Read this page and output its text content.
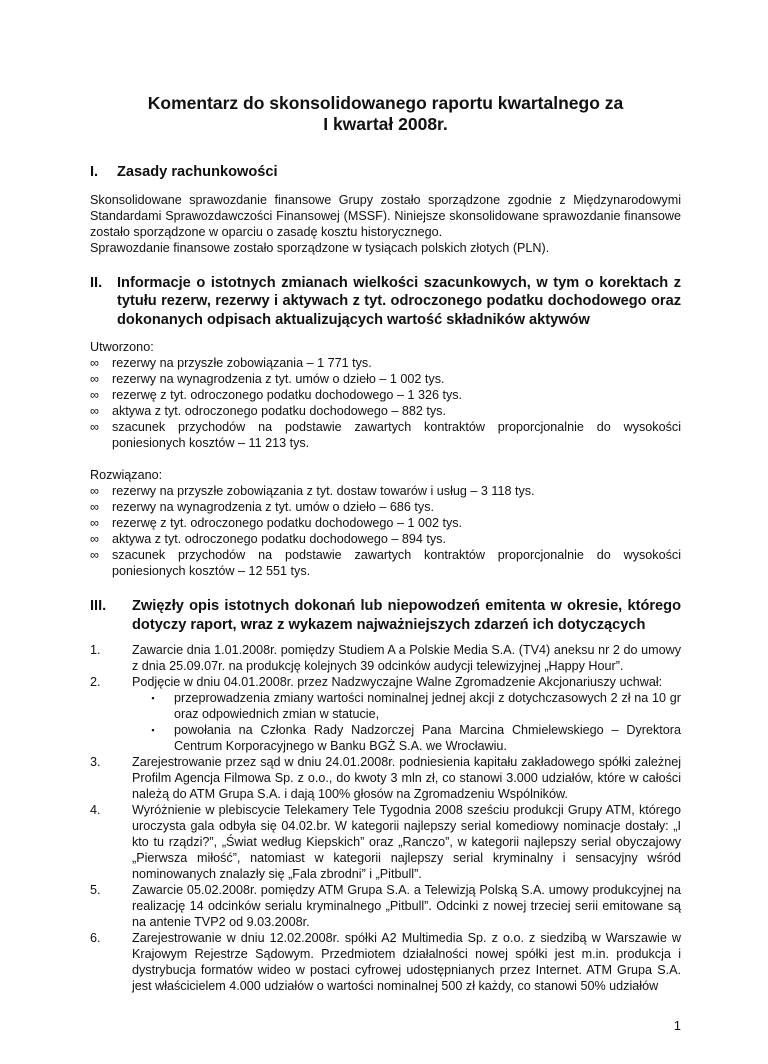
Komentarz do skonsolidowanego raportu kwartalnego za
I kwartał 2008r.
I.	Zasady rachunkowości

Skonsolidowane sprawozdanie finansowe Grupy zostało sporządzone zgodnie z Międzynarodowymi Standardami Sprawozdawczości Finansowej (MSSF). Niniejsze skonsolidowane sprawozdanie finansowe zostało sporządzone w oparciu o zasadę kosztu historycznego.

Sprawozdanie finansowe zostało sporządzone w tysiącach polskich złotych (PLN).

II.	Informacje o istotnych zmianach wielkości szacunkowych, w tym o korektach z tytułu rezerw, rezerwy i aktywach z tyt. odroczonego podatku dochodowego oraz dokonanych odpisach aktualizujących wartość składników aktywów

Utworzono:

∞	rezerwy na przyszłe zobowiązania – 1 771 tys.
∞	rezerwy na wynagrodzenia z tyt. umów o dzieło – 1 002 tys.
∞	rezerwę z tyt. odroczonego podatku dochodowego – 1 326 tys.
∞	aktywa z tyt. odroczonego podatku dochodowego – 882 tys.
∞	szacunek przychodów na podstawie zawartych kontraktów proporcjonalnie do wysokości poniesionych kosztów – 11 213 tys.

Rozwiązano:

∞	rezerwy na przyszłe zobowiązania z tyt. dostaw towarów i usług – 3 118 tys.
∞	rezerwy na wynagrodzenia z tyt. umów o dzieło – 686 tys.
∞	rezerwę z tyt. odroczonego podatku dochodowego – 1 002 tys.
∞	aktywa z tyt. odroczonego podatku dochodowego – 894 tys.
∞	szacunek przychodów na podstawie zawartych kontraktów proporcjonalnie do wysokości poniesionych kosztów – 12 551 tys.
III.	Zwięzły opis istotnych dokonań lub niepowodzeń emitenta w okresie, którego dotyczy raport, wraz z wykazem najważniejszych zdarzeń ich dotyczących
1.	Zawarcie dnia 1.01.2008r. pomiędzy Studiem A a Polskie Media S.A. (TV4) aneksu nr 2 do umowy z dnia 25.09.07r. na produkcję kolejnych 39 odcinków audycji telewizyjnej „Happy Hour”.
2.	Podjęcie w dniu 04.01.2008r. przez Nadzwyczajne Walne Zgromadzenie Akcjonariuszy uchwał:
▪	przeprowadzenia zmiany wartości nominalnej jednej akcji z dotychczasowych 2 zł na 10 gr oraz odpowiednich zmian w statucie,
▪	powołania na Członka Rady Nadzorczej Pana Marcina Chmielewskiego – Dyrektora Centrum Korporacyjnego w Banku BGŻ S.A. we Wrocławiu.
3.	Zarejestrowanie przez sąd w dniu 24.01.2008r. podniesienia kapitału zakładowego spółki zależnej Profilm Agencja Filmowa Sp. z o.o., do kwoty 3 mln zł, co stanowi 3.000 udziałów, które w całości należą do ATM Grupa S.A. i dają 100% głosów na Zgromadzeniu Wspólników.
4.	Wyróżnienie w plebiscycie Telekamery Tele Tygodnia 2008 sześciu produkcji Grupy ATM, którego uroczysta gala odbyła się 04.02.br. W kategorii najlepszy serial komediowy nominacje dostały: „I kto tu rządzi?”, „Świat według Kiepskich” oraz „Ranczo”, w kategorii najlepszy serial obyczajowy „Pierwsza miłość”, natomiast w kategorii najlepszy serial kryminalny i sensacyjny wśród nominowanych znalazły się „Fala zbrodni” i „Pitbull”.
5.	Zawarcie 05.02.2008r. pomiędzy ATM Grupa S.A. a Telewizją Polską S.A. umowy produkcyjnej na realizację 14 odcinków serialu kryminalnego „Pitbull”. Odcinki z nowej trzeciej serii emitowane są na antenie TVP2 od 9.03.2008r.
6.	Zarejestrowanie w dniu 12.02.2008r. spółki A2 Multimedia Sp. z o.o. z siedzibą w Warszawie w Krajowym Rejestrze Sądowym. Przedmiotem działalności nowej spółki jest m.in. produkcja i dystrybucja formatów wideo w postaci cyfrowej udostępnianych przez Internet. ATM Grupa S.A. jest właścicielem 4.000 udziałów o wartości nominalnej 500 zł każdy, co stanowi 50% udziałów
1
